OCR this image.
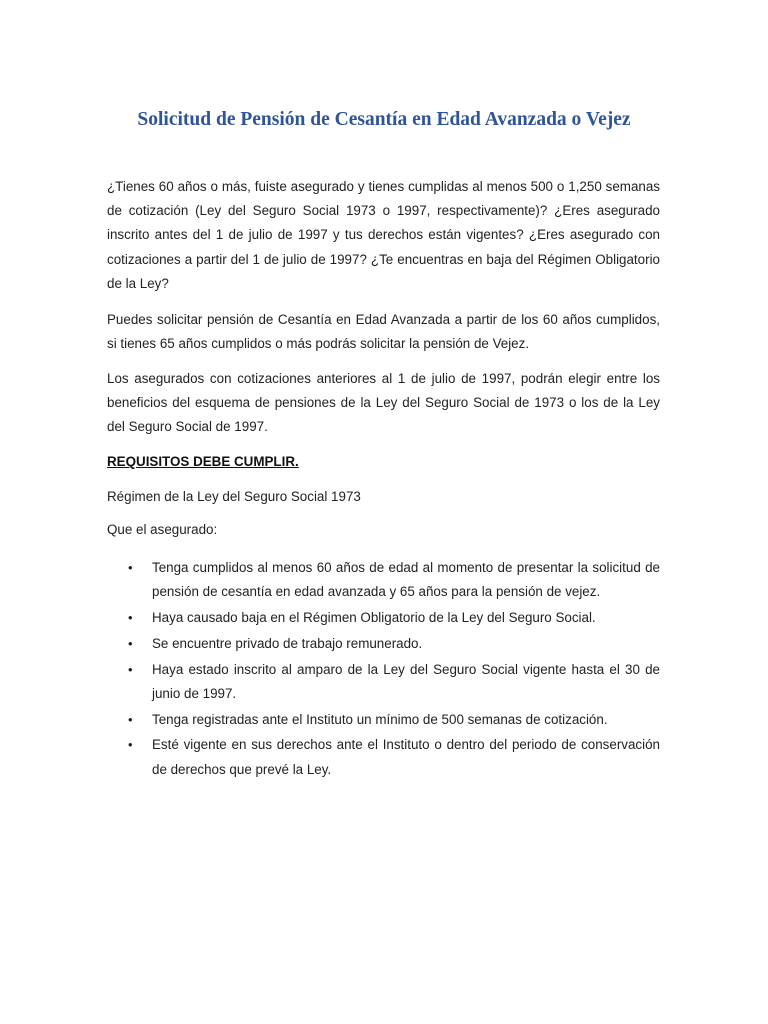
Solicitud de Pensión de Cesantía en Edad Avanzada o Vejez

¿Tienes 60 años o más, fuiste asegurado y tienes cumplidas al menos 500 o 1,250 semanas de cotización (Ley del Seguro Social 1973 o 1997, respectivamente)? ¿Eres asegurado inscrito antes del 1 de julio de 1997 y tus derechos están vigentes? ¿Eres asegurado con cotizaciones a partir del 1 de julio de 1997? ¿Te encuentras en baja del Régimen Obligatorio de la Ley?

Puedes solicitar pensión de Cesantía en Edad Avanzada a partir de los 60 años cumplidos, si tienes 65 años cumplidos o más podrás solicitar la pensión de Vejez.

Los asegurados con cotizaciones anteriores al 1 de julio de 1997, podrán elegir entre los beneficios del esquema de pensiones de la Ley del Seguro Social de 1973 o los de la Ley del Seguro Social de 1997.

REQUISITOS DEBE CUMPLIR.

Régimen de la Ley del Seguro Social 1973

Que el asegurado:

• Tenga cumplidos al menos 60 años de edad al momento de presentar la solicitud de pensión de cesantía en edad avanzada y 65 años para la pensión de vejez.
• Haya causado baja en el Régimen Obligatorio de la Ley del Seguro Social.
• Se encuentre privado de trabajo remunerado.
• Haya estado inscrito al amparo de la Ley del Seguro Social vigente hasta el 30 de junio de 1997.
• Tenga registradas ante el Instituto un mínimo de 500 semanas de cotización.
• Esté vigente en sus derechos ante el Instituto o dentro del periodo de conservación de derechos que prevé la Ley.
